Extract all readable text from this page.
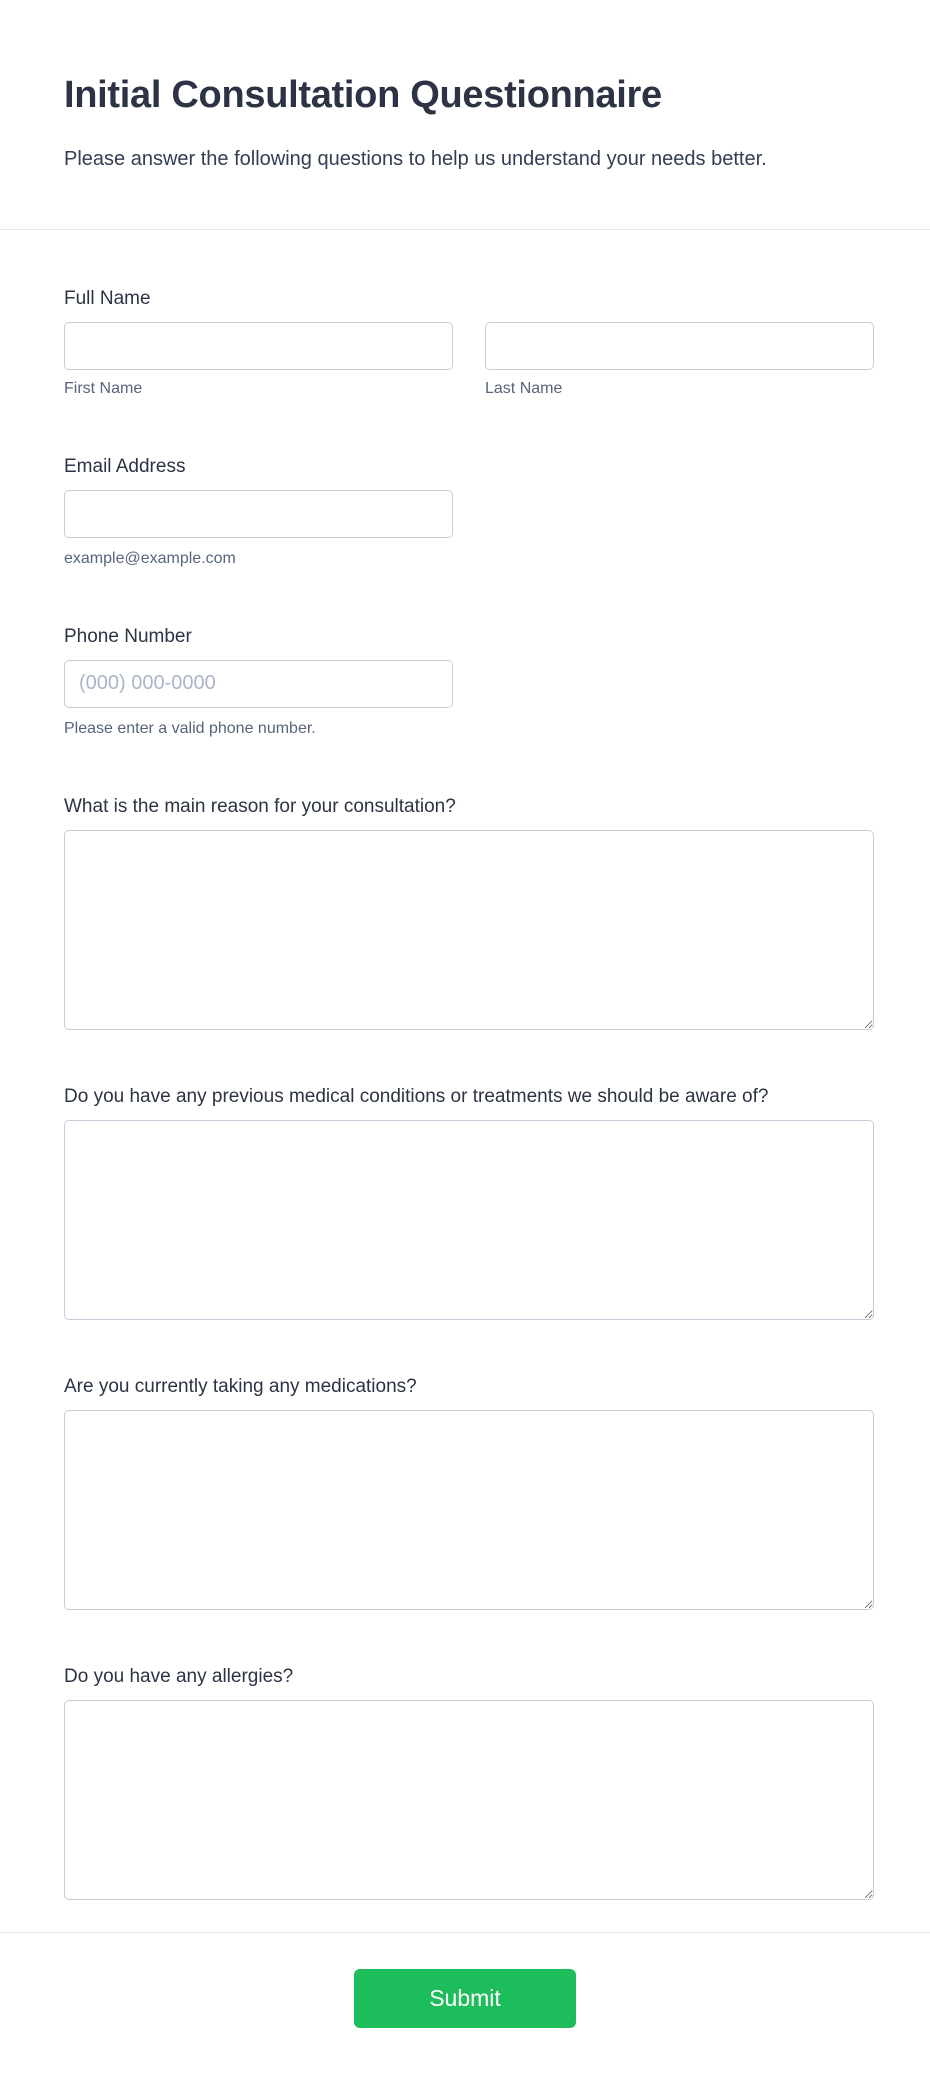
Initial Consultation Questionnaire
Please answer the following questions to help us understand your needs better.
Full Name
First Name	Last Name
Email Address
example@example.com
Phone Number
(000) 000-0000
Please enter a valid phone number.
What is the main reason for your consultation?
Do you have any previous medical conditions or treatments we should be aware of?
Are you currently taking any medications?
Do you have any allergies?
Submit
